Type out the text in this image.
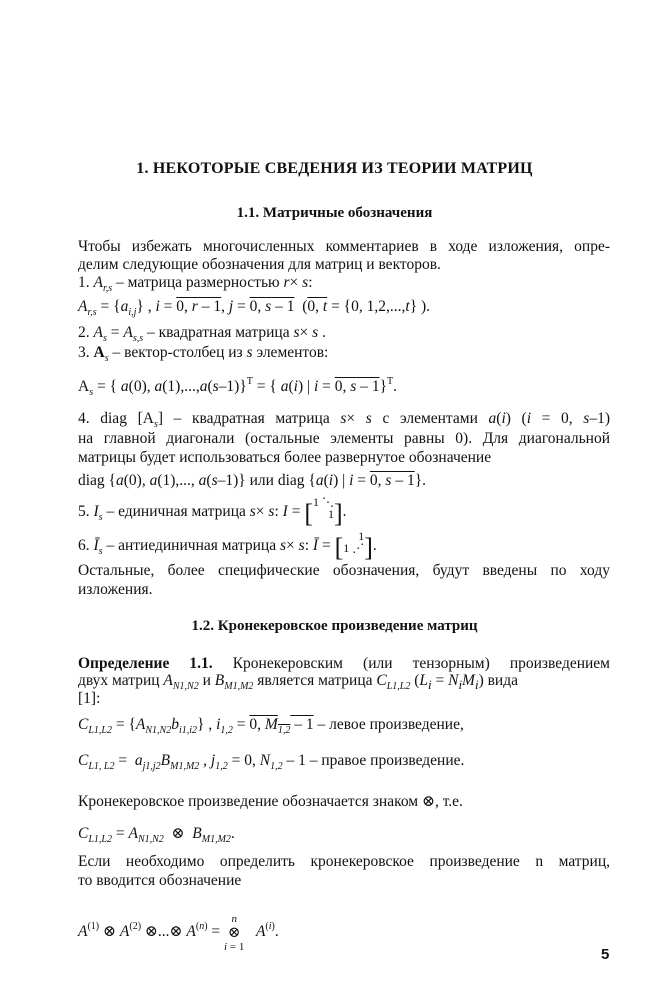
1. НЕКОТОРЫЕ СВЕДЕНИЯ ИЗ ТЕОРИИ МАТРИЦ
1.1. Матричные обозначения
Чтобы избежать многочисленных комментариев в ходе изложения, опре-
делим следующие обозначения для матриц и векторов.
1. $A_{r,s}$ – матрица размерностью r× s:
$A_{r,s} = \{a_{i,j}\}$ , i = 0, r – 1, j = 0, s – 1  (0, t = {0, 1,2,...,t} ).
2. $A_s = A_{s,s}$ – квадратная матрица s× s .
3. $A_s$ – вектор-столбец из s элементов:
$A_s$ = { a(0), a(1),...,a(s–1)}$^T$ = { a(i) | i = 0, s – 1}$^T$.
4. diag $[A_s]$ – квадратная матрица s× s с элементами a(i) (i = 0, s–1)
на главной диагонали (остальные элементы равны 0). Для диагональной
матрицы будет использоваться более развернутое обозначение
diag {a(0), a(1),..., a(s–1)} или diag {a(i) | i = 0, s – 1}.
5. $I_s$ – единичная матрица s× s: I = [1 ⋱
1].
6. $Ī_s$ – антиединичная матрица s× s: Ī = [     1
1 ⋰].
Остальные, более специфические обозначения, будут введены по ходу
изложения.
1.2. Кронекеровское произведение матриц
Определение 1.1. Кронекеровским (или тензорным) произведением
двух матриц $A_{N1,N2}$ и $B_{M1,M2}$ является матрица $C_{L1,L2}$ $(L_i = N_iM_i)$ вида
[1]:
$C_{L1,L2} = \{A_{N1,N2}b_{i1,i2}\}$ , $i_{1,2} = 0$, $M_{1,2} - 1$ – левое произведение,
$C_{L1, L2} = a_{j1,j2}B_{M1,M2}$ , $j_{1,2} = 0$, $N_{1,2} - 1$ – правое произведение.
Кронекеровское произведение обозначается знаком ⊗, т.е.
$C_{L1,L2} = A_{N1,N2}$  ⊗  $B_{M1,M2}$.
Если необходимо определить кронекеровское произведение n матриц,
то вводится обозначение
$A^{(1)}$ ⊗ $A^{(2)}$ ⊗...⊗ $A^{(n)} = n$
⊗
i = 1   $A^{(i)}$.
5
